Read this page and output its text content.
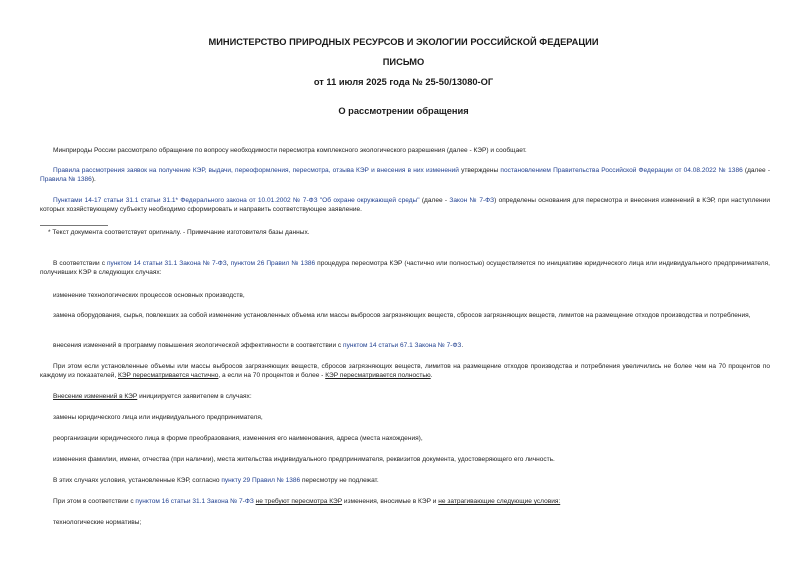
МИНИСТЕРСТВО ПРИРОДНЫХ РЕСУРСОВ И ЭКОЛОГИИ РОССИЙСКОЙ ФЕДЕРАЦИИ
ПИСЬМО
от 11 июля 2025 года № 25-50/13080-ОГ
О рассмотрении обращения
Минприроды России рассмотрело обращение по вопросу необходимости пересмотра комплексного экологического разрешения (далее - КЭР) и сообщает.
Правила рассмотрения заявок на получение КЭР, выдачи, переоформления, пересмотра, отзыва КЭР и внесения в них изменений утверждены постановлением Правительства Российской Федерации от 04.08.2022 № 1386 (далее - Правила № 1386).
Пунктами 14-17 статьи 31.1 статьи 31.1* Федерального закона от 10.01.2002 № 7-ФЗ "Об охране окружающей среды" (далее - Закон № 7-ФЗ) определены основания для пересмотра и внесения изменений в КЭР, при наступлении которых хозяйствующему субъекту необходимо сформировать и направить соответствующее заявление.
* Текст документа соответствует оригиналу. - Примечание изготовителя базы данных.
В соответствии с пунктом 14 статьи 31.1 Закона № 7-ФЗ, пунктом 26 Правил № 1386 процедура пересмотра КЭР (частично или полностью) осуществляется по инициативе юридического лица или индивидуального предпринимателя, получивших КЭР в следующих случаях:
изменение технологических процессов основных производств,
замена оборудования, сырья, повлекших за собой изменение установленных объема или массы выбросов загрязняющих веществ, сбросов загрязняющих веществ, лимитов на размещение отходов производства и потребления,
внесения изменений в программу повышения экологической эффективности в соответствии с пунктом 14 статьи 67.1 Закона № 7-ФЗ.
При этом если установленные объемы или массы выбросов загрязняющих веществ, сбросов загрязняющих веществ, лимитов на размещение отходов производства и потребления увеличились не более чем на 70 процентов по каждому из показателей, КЭР пересматривается частично, а если на 70 процентов и более - КЭР пересматривается полностью.
Внесение изменений в КЭР инициируется заявителем в случаях:
замены юридического лица или индивидуального предпринимателя,
реорганизации юридического лица в форме преобразования, изменения его наименования, адреса (места нахождения),
изменения фамилии, имени, отчества (при наличии), места жительства индивидуального предпринимателя, реквизитов документа, удостоверяющего его личность.
В этих случаях условия, установленные КЭР, согласно пункту 29 Правил № 1386 пересмотру не подлежат.
При этом в соответствии с пунктом 16 статьи 31.1 Закона № 7-ФЗ не требуют пересмотра КЭР изменения, вносимые в КЭР и не затрагивающие следующие условия:
технологические нормативы;
